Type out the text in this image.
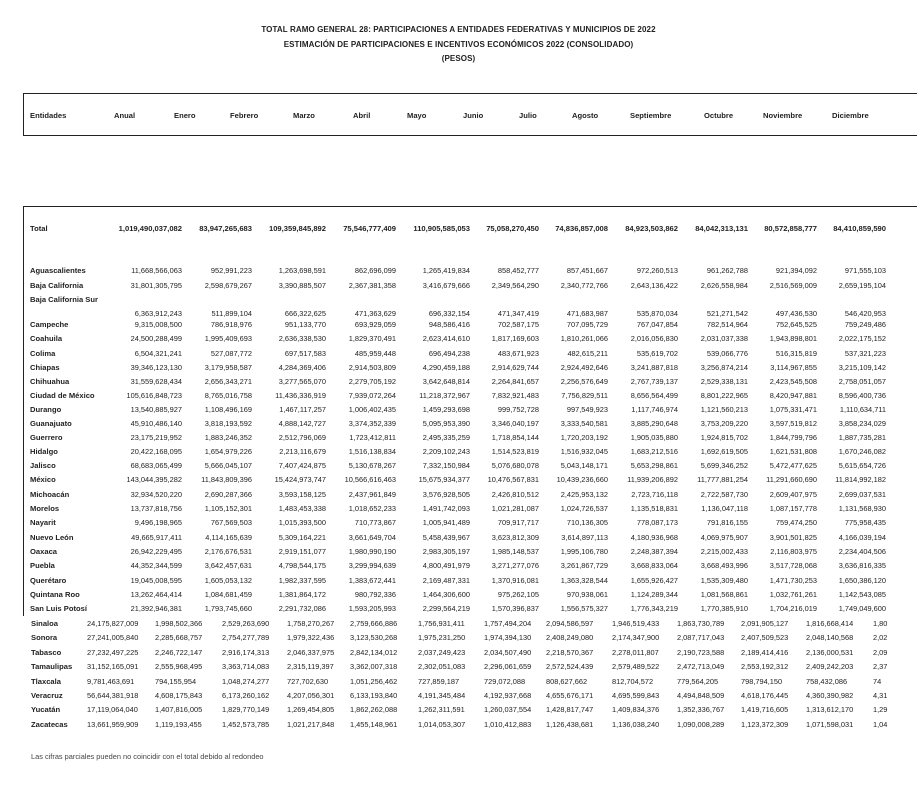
TOTAL RAMO GENERAL 28: PARTICIPACIONES A ENTIDADES FEDERATIVAS Y MUNICIPIOS DE 2022
ESTIMACIÓN DE PARTICIPACIONES E INCENTIVOS ECONÓMICOS 2022 (CONSOLIDADO)
(PESOS)
Entidades	Anual	Enero	Febrero	Marzo	Abril	Mayo	Junio	Julio	Agosto	Septiembre	Octubre	Noviembre	Diciembre
Total	1,019,490,037,082 83,947,265,683 109,359,845,892 75,546,777,409 110,905,585,053 75,058,270,450 74,836,857,008 84,923,503,862 84,042,313,131 80,572,858,777 84,410,859,590
Aguascalientes	11,668,566,063	952,991,223	1,263,698,591	862,696,099	1,265,419,834	858,452,777	857,451,667	972,260,513	961,262,788	921,394,092	971,555,103
Baja California	31,801,305,795	2,598,679,267	3,390,885,507	2,367,381,358	3,416,679,666	2,349,564,290	2,340,772,766	2,643,136,422	2,626,558,984	2,516,569,009	2,659,195,104
Baja California Sur
6,363,912,243	511,899,104	666,322,625	471,363,629	696,332,154	471,347,419	471,683,987	535,870,034	521,271,542	497,436,530	546,420,953
Campeche	9,315,008,500	786,918,976	951,133,770	693,929,059	948,586,416	702,587,175	707,095,729	767,047,854	782,514,964	752,645,525	759,249,486
Coahuila	24,500,288,499	1,995,409,693	2,636,338,530	1,829,370,491	2,623,414,610	1,817,169,603	1,810,261,066	2,016,056,830	2,031,037,338	1,943,898,801	2,022,175,152
Colima	6,504,321,241	527,087,772	697,517,583	485,959,448	696,494,238	483,671,923	482,615,211	535,619,702	539,066,776	516,315,819	537,321,223
Chiapas	39,346,123,130	3,179,958,587	4,284,369,406	2,914,503,809	4,290,459,188	2,914,629,744	2,924,492,646	3,241,887,818	3,256,874,214	3,114,967,855	3,215,109,142
Chihuahua	31,559,628,434	2,656,343,271	3,277,565,070	2,279,705,192	3,642,648,814	2,264,841,657	2,256,576,649	2,767,739,137	2,529,338,131	2,423,545,508	2,758,051,057
Ciudad de México	105,616,848,723	8,765,016,758	11,436,336,919	7,939,072,264	11,218,372,967	7,832,921,483	7,756,829,511	8,656,564,499	8,801,222,965	8,420,947,881	8,596,400,736
Durango	13,540,885,927	1,108,496,169	1,467,117,257	1,006,402,435	1,459,293,698	999,752,728	997,549,923	1,117,746,974	1,121,560,213	1,075,331,471	1,110,634,711
Guanajuato	45,910,486,140	3,818,193,592	4,888,142,727	3,374,352,339	5,095,953,390	3,346,040,197	3,333,540,581	3,885,290,648	3,753,209,220	3,597,519,812	3,858,234,029
Guerrero	23,175,219,952	1,883,246,352	2,512,796,069	1,723,412,811	2,495,335,259	1,718,854,144	1,720,203,192	1,905,035,880	1,924,815,702	1,844,799,796	1,887,735,281
Hidalgo	20,422,168,095	1,654,979,226	2,213,116,679	1,516,138,834	2,209,102,243	1,514,523,819	1,516,932,045	1,683,212,516	1,692,619,505	1,621,531,808	1,670,246,082
Jalisco	68,683,065,499	5,666,045,107	7,407,424,875	5,130,678,267	7,332,150,984	5,076,680,078	5,043,148,171	5,653,298,861	5,699,346,252	5,472,477,625	5,615,654,726
México	143,044,395,282	11,843,809,396	15,424,973,747	10,566,616,463	15,675,934,377 10,476,567,831 10,439,236,660	11,939,206,892	11,777,881,254 11,291,660,690 11,814,992,182
Michoacán	32,934,520,220	2,690,287,366	3,593,158,125	2,437,961,849	3,576,928,505	2,426,810,512	2,425,953,132	2,723,716,118	2,722,587,730	2,609,407,975	2,699,037,531
Morelos	13,737,818,756	1,105,152,301	1,483,453,338	1,018,652,233	1,491,742,093	1,021,281,087	1,024,726,537	1,135,518,831	1,136,047,118	1,087,157,778	1,131,568,930
Nayarit	9,496,198,965	767,569,503	1,015,393,500	710,773,867	1,005,941,489	709,917,717	710,136,305	778,087,173	791,816,155	759,474,250	775,958,435
Nuevo León	49,665,917,411	4,114,165,639	5,309,164,221	3,661,649,704	5,458,439,967	3,623,812,309	3,614,897,113	4,180,936,968	4,069,975,907	3,901,501,825	4,166,039,194
Oaxaca	26,942,229,495	2,176,676,531	2,919,151,077	1,980,990,190	2,983,305,197	1,985,148,537	1,995,106,780	2,248,387,394	2,215,002,433	2,116,803,975	2,234,404,506
Puebla	44,352,344,599	3,642,457,631	4,798,544,175	3,299,994,639	4,800,491,979	3,271,277,076	3,261,867,729	3,668,833,064	3,668,493,996	3,517,728,068	3,636,816,335
Querétaro	19,045,008,595	1,605,053,132	1,982,337,595	1,383,672,441	2,169,487,331	1,370,916,081	1,363,328,544	1,655,926,427	1,535,309,480	1,471,730,253	1,650,386,120
Quintana Roo	13,262,464,414	1,084,681,459	1,381,864,172	980,792,336	1,464,306,600	975,262,105	970,938,061	1,124,289,344	1,081,568,861	1,032,761,261	1,142,543,085
San Luis Potosí	21,392,946,381	1,793,745,660	2,291,732,086	1,593,205,993	2,299,564,219	1,570,396,837	1,556,575,327	1,776,343,219	1,770,385,910	1,704,216,019	1,749,049,600
Sinaloa	24,175,827,009 1,998,502,366	2,529,263,690 1,758,270,267 2,759,666,886	1,756,931,411	1,757,494,204 2,094,586,597	1,946,519,433 1,863,730,789 2,091,905,127 1,816,668,414	1,80
Sonora	27,241,005,840 2,285,668,757	2,754,277,789 1,979,322,436 3,123,530,268	1,975,231,250	1,974,394,130 2,408,249,080	2,174,347,900 2,087,717,043 2,407,509,523 2,048,140,568	2,02
Tabasco	27,232,497,225 2,246,722,147	2,916,174,313 2,046,337,975 2,842,134,012	2,037,249,423	2,034,507,490 2,218,570,367	2,278,011,807 2,190,723,588 2,189,414,416 2,136,000,531	2,09
Tamaulipas 31,152,165,091 2,555,968,495	3,363,714,083 2,315,119,397 3,362,007,318	2,302,051,083	2,296,061,659 2,572,524,439	2,579,489,522 2,472,713,049 2,553,192,312 2,409,242,203	2,37
Tlaxcala	9,781,463,691	794,155,954	1,048,274,277 727,702,630	1,051,256,462	727,859,187	729,072,088	808,627,662	812,704,572	779,564,205	798,794,150	758,432,086	74
Veracruz	56,644,381,918 4,608,175,843	6,173,260,162 4,207,056,301 6,133,193,840	4,191,345,484	4,192,937,668 4,655,676,171	4,695,599,843 4,494,848,509 4,618,176,445 4,360,390,982	4,31
Yucatán	17,119,064,040 1,407,816,005	1,829,770,149 1,269,454,805 1,862,262,088	1,262,311,591	1,260,037,554 1,428,817,747	1,409,834,376 1,352,336,767 1,419,716,605 1,313,612,170	1,29
Zacatecas	13,661,959,909 1,119,193,455	1,452,573,785 1,021,217,848 1,455,148,961	1,014,053,307	1,010,412,883 1,126,438,681	1,136,038,240 1,090,008,289 1,123,372,309 1,071,598,031	1,04
Las cifras parciales pueden no coincidir con el total debido al redondeo
